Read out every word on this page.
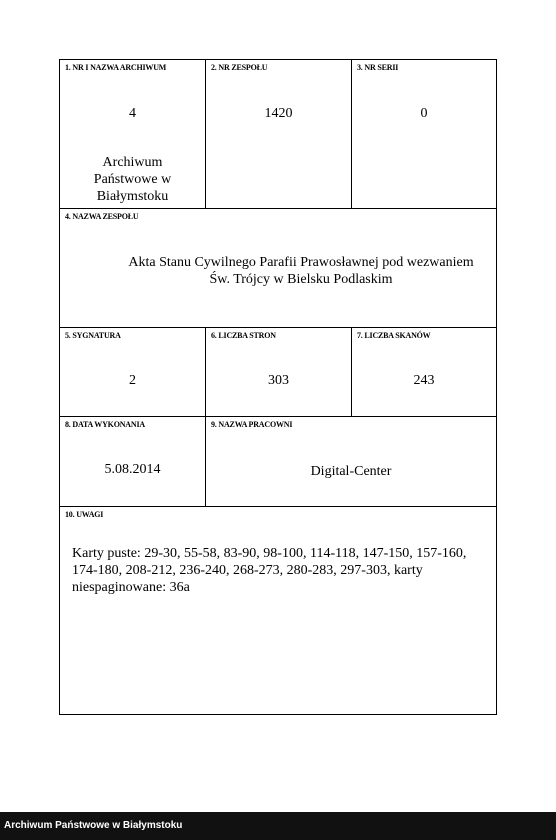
1. NR I NAZWA ARCHIWUM
4
Archiwum Państwowe w Białymstoku
2. NR ZESPOŁU
1420
3. NR SERII
0
4. NAZWA ZESPOŁU
Akta Stanu Cywilnego Parafii Prawosławnej pod wezwaniem Św. Trójcy w Bielsku Podlaskim
5. SYGNATURA
2
6. LICZBA STRON
303
7. LICZBA SKANÓW
243
8. DATA WYKONANIA
5.08.2014
9. NAZWA PRACOWNI
Digital-Center
10. UWAGI
Karty puste: 29-30, 55-58, 83-90, 98-100, 114-118, 147-150, 157-160, 174-180, 208-212, 236-240, 268-273, 280-283, 297-303, karty niespaginowane: 36a
Archiwum Państwowe w Białymstoku
